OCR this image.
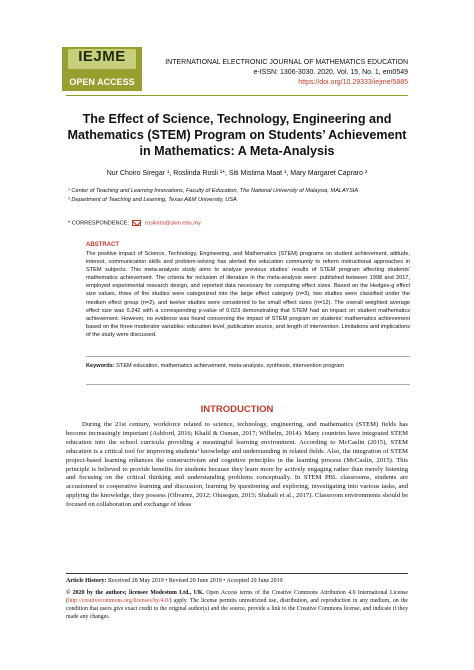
IEJME
OPEN ACCESS
INTERNATIONAL ELECTRONIC JOURNAL OF MATHEMATICS EDUCATION
e-ISSN: 1306-3030. 2020, Vol. 15, No. 1, em0549
https://doi.org/10.29333/iejme/5885
The Effect of Science, Technology, Engineering and Mathematics (STEM) Program on Students’ Achievement in Mathematics: A Meta-Analysis
Nur Choiro Siregar ¹, Roslinda Rosli ¹*, Siti Mistima Maat ¹, Mary Margaret Capraro ²
¹ Center of Teaching and Learning Innovations, Faculty of Education, The National University of Malaysia, MALAYSIA
² Department of Teaching and Learning, Texas A&M University, USA
* CORRESPONDENCE:	roslinda@ukm.edu.my
ABSTRACT
The positive impact of Science, Technology, Engineering, and Mathematics (STEM) programs on student achievement, attitude, interest, communication skills and problem-solving has alerted the education community to reform instructional approaches in STEM subjects. This meta-analysis study aims to analyze previous studies’ results of STEM program affecting students’ mathematics achievement. The criteria for inclusion of literature in the meta-analysis were: published between 1998 and 2017, employed experimental research design, and reported data necessary for computing effect sizes. Based on the Hedges-g effect size values, three of the studies were categorized into the large effect category (n=3), two studies were classified under the medium effect group (n=2), and twelve studies were considered to be small effect sizes (n=12). The overall weighted average effect size was 0.242 with a corresponding p-value of 0.023 demonstrating that STEM had an impact on student mathematics achievement. However, no evidence was found concerning the impact of STEM program on students’ mathematics achievement based on the three moderator variables: education level, publication source, and length of intervention. Limitations and implications of the study were discussed.
Keywords: STEM education, mathematics achievement, meta-analysis, synthesis, intervention program
INTRODUCTION

During the 21st century, workforce related to science, technology, engineering, and mathematics (STEM) fields has become increasingly important (Ashford, 2016; Khalil & Osman, 2017; Wilhelm, 2014). Many countries have integrated STEM education into the school curricula providing a meaningful learning environment. According to McCaslin (2015), STEM education is a critical tool for improving students’ knowledge and understanding in related fields. Also, the integration of STEM project-based learning enhances the constructivism and cognitive principles in the learning process (McCaslin, 2015). This principle is believed to provide benefits for students because they learn more by actively engaging rather than merely listening and focusing on the critical thinking and understanding problems conceptually. In STEM PBL classrooms, students are accustomed to cooperative learning and discussion, learning by questioning and exploring, investigating into various tasks, and applying the knowledge, they possess (Olivarez, 2012; Olusegun, 2015; Shahali et al., 2017). Classroom environments should be focused on collaboration and exchange of ideas

Article History: Received 28 May 2019 • Revised 29 June 2019 • Accepted 29 June 2019
© 2020 by the authors; licensee Modestum Ltd., UK. Open Access terms of the Creative Commons Attribution 4.0 International License (http://creativecommons.org/licenses/by/4.0/) apply. The license permits unrestricted use, distribution, and reproduction in any medium, on the condition that users give exact credit to the original author(s) and the source, provide a link to the Creative Commons license, and indicate if they made any changes.
